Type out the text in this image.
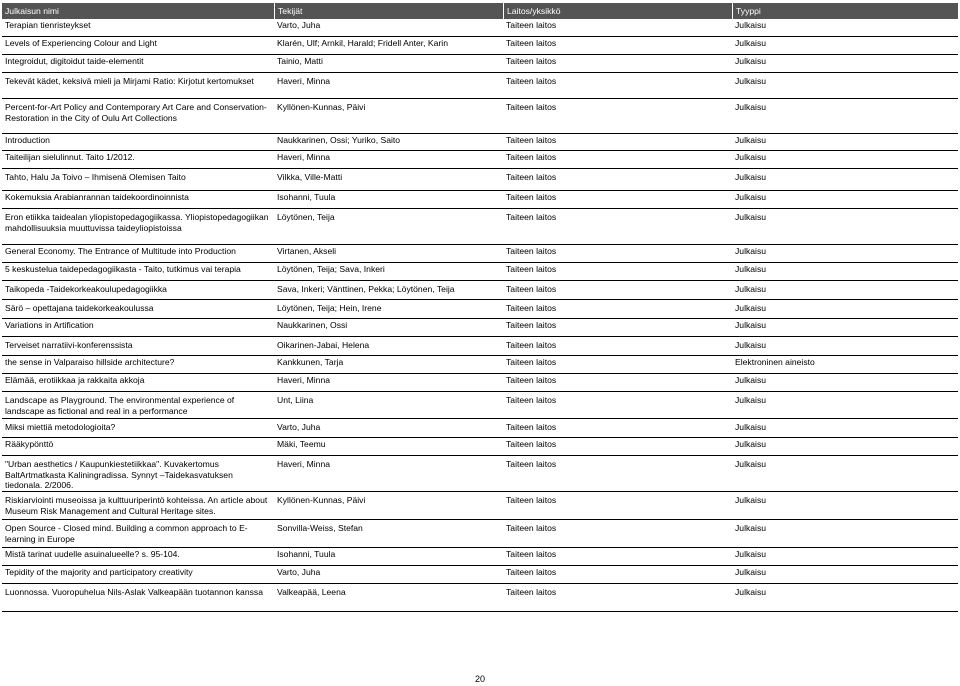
Julkaisun nimi	Tekijät	Laitos/yksikkö	Tyyppi
Terapian tienristeykset	Varto, Juha	Taiteen laitos	Julkaisu
Levels of Experiencing Colour and Light	Klarén, Ulf; Arnkil, Harald; Fridell Anter, Karin	Taiteen laitos	Julkaisu
Integroidut, digitoidut taide-elementit	Tainio, Matti	Taiteen laitos	Julkaisu
Tekevät kädet, keksivä mieli ja Mirjami Ratio: Kirjotut kertomukset	Haveri, Minna	Taiteen laitos	Julkaisu
Percent-for-Art Policy and Contemporary Art Care and Conservation-Restoration in the City of Oulu Art Collections	Kyllönen-Kunnas, Päivi	Taiteen laitos	Julkaisu
Introduction	Naukkarinen, Ossi; Yuriko, Saito	Taiteen laitos	Julkaisu
Taiteilijan sielulinnut. Taito 1/2012.	Haveri, Minna	Taiteen laitos	Julkaisu
Tahto, Halu Ja Toivo – Ihmisenä Olemisen Taito	Vilkka, Ville-Matti	Taiteen laitos	Julkaisu
Kokemuksia Arabianrannan taidekoordinoinnista	Isohanni, Tuula	Taiteen laitos	Julkaisu
Eron etiikka taidealan yliopistopedagogiikassa. Yliopistopedagogiikan mahdollisuuksia muuttuvissa taideyliopistoissa	Löytönen, Teija	Taiteen laitos	Julkaisu
General Economy. The Entrance of Multitude into Production	Virtanen, Akseli	Taiteen laitos	Julkaisu
5 keskustelua taidepedagogiikasta - Taito, tutkimus vai terapia	Löytönen, Teija; Sava, Inkeri	Taiteen laitos	Julkaisu
Taikopeda -Taidekorkeakoulupedagogiikka	Sava, Inkeri; Vänttinen, Pekka; Löytönen, Teija	Taiteen laitos	Julkaisu
Särö – opettajana taidekorkeakoulussa	Löytönen, Teija; Hein, Irene	Taiteen laitos	Julkaisu
Variations in Artification	Naukkarinen, Ossi	Taiteen laitos	Julkaisu
Terveiset narratiivi-konferenssista	Oikarinen-Jabai, Helena	Taiteen laitos	Julkaisu
the sense in Valparaiso hillside architecture?	Kankkunen, Tarja	Taiteen laitos	Elektroninen aineisto
Elämää, erotiikkaa ja rakkaita akkoja	Haveri, Minna	Taiteen laitos	Julkaisu
Landscape as Playground. The environmental experience of landscape as fictional and real in a performance	Unt, Liina	Taiteen laitos	Julkaisu
Miksi miettiä metodologioita?	Varto, Juha	Taiteen laitos	Julkaisu
Rääkypönttö	Mäki, Teemu	Taiteen laitos	Julkaisu
"Urban aesthetics / Kaupunkiestetiikkaa". Kuvakertomus BaltArtmatkasta Kaliningradissa. Synnyt –Taidekasvatuksen tiedonala. 2/2006.	Haveri, Minna	Taiteen laitos	Julkaisu
Riskiarviointi museoissa ja kulttuuriperintö kohteissa. An article about Museum Risk Management and Cultural Heritage sites.	Kyllönen-Kunnas, Päivi	Taiteen laitos	Julkaisu
Open Source - Closed mind. Building a common approach to E-learning in Europe	Sonvilla-Weiss, Stefan	Taiteen laitos	Julkaisu
Mistä tarinat uudelle asuinalueelle? s. 95-104.	Isohanni, Tuula	Taiteen laitos	Julkaisu
Tepidity of the majority and participatory creativity	Varto, Juha	Taiteen laitos	Julkaisu
Luonnossa. Vuoropuhelua Nils-Aslak Valkeapään tuotannon kanssa	Valkeapää, Leena	Taiteen laitos	Julkaisu
20
